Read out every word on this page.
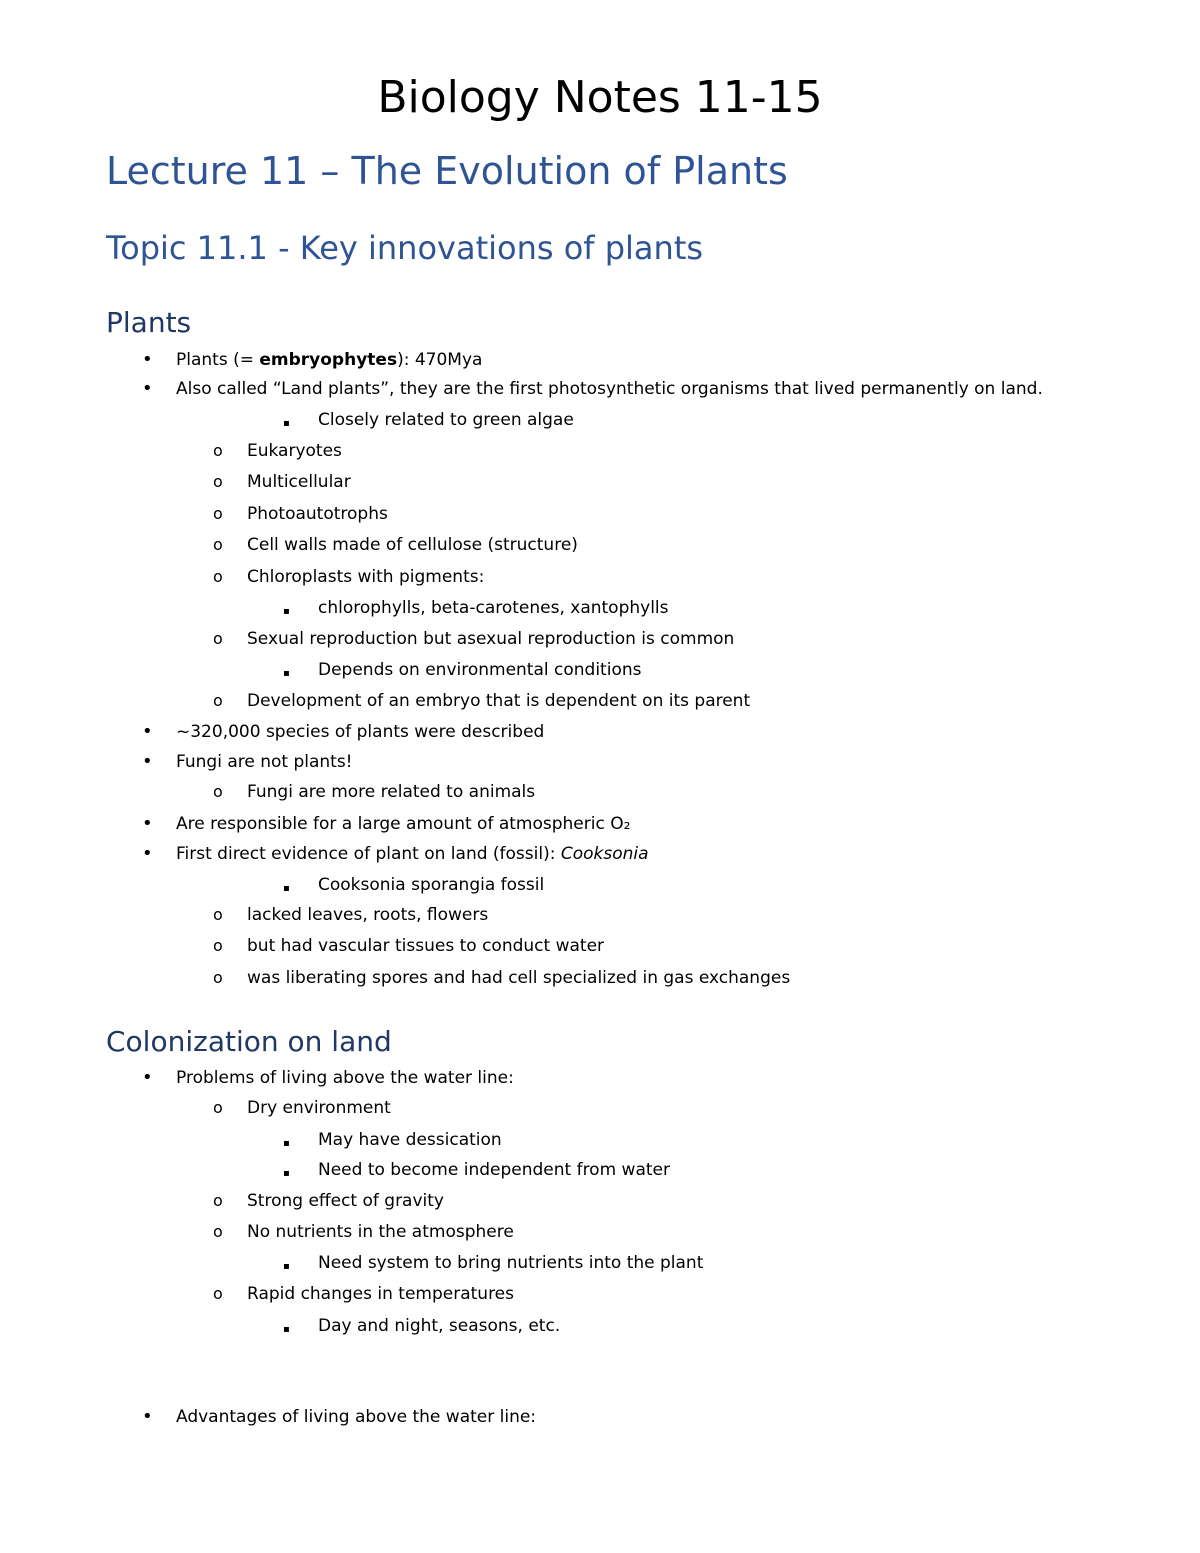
Biology Notes 11-15
Lecture 11 – The Evolution of Plants
Topic 11.1 - Key innovations of plants
Plants
• Plants (= embryophytes): 470Mya
• Also called “Land plants”, they are the first photosynthetic organisms that lived permanently on land.
▪ Closely related to green algae
o Eukaryotes
o Multicellular
o Photoautotrophs
o Cell walls made of cellulose (structure)
o Chloroplasts with pigments:
▪ chlorophylls, beta-carotenes, xantophylls
o Sexual reproduction but asexual reproduction is common
▪ Depends on environmental conditions
o Development of an embryo that is dependent on its parent
• ~320,000 species of plants were described
• Fungi are not plants!
o Fungi are more related to animals
• Are responsible for a large amount of atmospheric O₂
• First direct evidence of plant on land (fossil): Cooksonia
▪ Cooksonia sporangia fossil
o lacked leaves, roots, flowers
o but had vascular tissues to conduct water
o was liberating spores and had cell specialized in gas exchanges
Colonization on land
• Problems of living above the water line:
o Dry environment
▪ May have dessication
▪ Need to become independent from water
o Strong effect of gravity
o No nutrients in the atmosphere
▪ Need system to bring nutrients into the plant
o Rapid changes in temperatures
▪ Day and night, seasons, etc.
• Advantages of living above the water line:
